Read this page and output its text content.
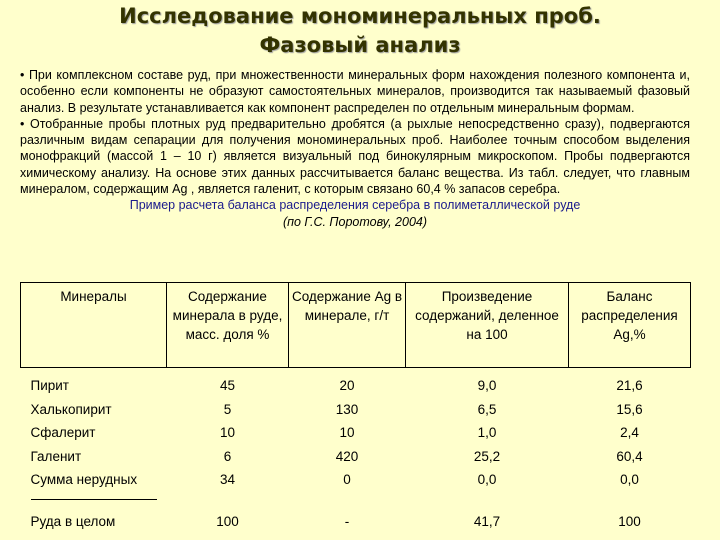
Исследование мономинеральных проб.
Фазовый анализ

• При комплексном составе руд, при множественности минеральных форм нахождения полезного компонента и, особенно если компоненты не образуют самостоятельных минералов, производится так называемый фазовый анализ. В результате устанавливается как компонент распределен по отдельным минеральным формам.

• Отобранные пробы плотных руд предварительно дробятся (а рыхлые непосредственно сразу), подвергаются различным видам сепарации для получения мономинеральных проб. Наиболее точным способом выделения монофракций (массой 1 – 10 г) является визуальный под бинокулярным микроскопом. Пробы подвергаются химическому анализу. На основе этих данных рассчитывается баланс вещества. Из табл. следует, что главным минералом, содержащим Ag , является галенит, с которым связано 60,4 % запасов серебра.

Пример расчета баланса распределения серебра в полиметаллической руде

(по Г.С. Поротову, 2004)

Минералы	Содержание минерала в руде, масс. доля %	Содержание Ag в минерале, г/т	Произведение содержаний, деленное на 100	Баланс распределения Ag,%

Пирит	45	20	9,0	21,6
Халькопирит	5	130	6,5	15,6
Сфалерит	10	10	1,0	2,4
Галенит	6	420	25,2	60,4
Сумма нерудных	34	0	0,0	0,0

Руда в целом	100	-	41,7	100
